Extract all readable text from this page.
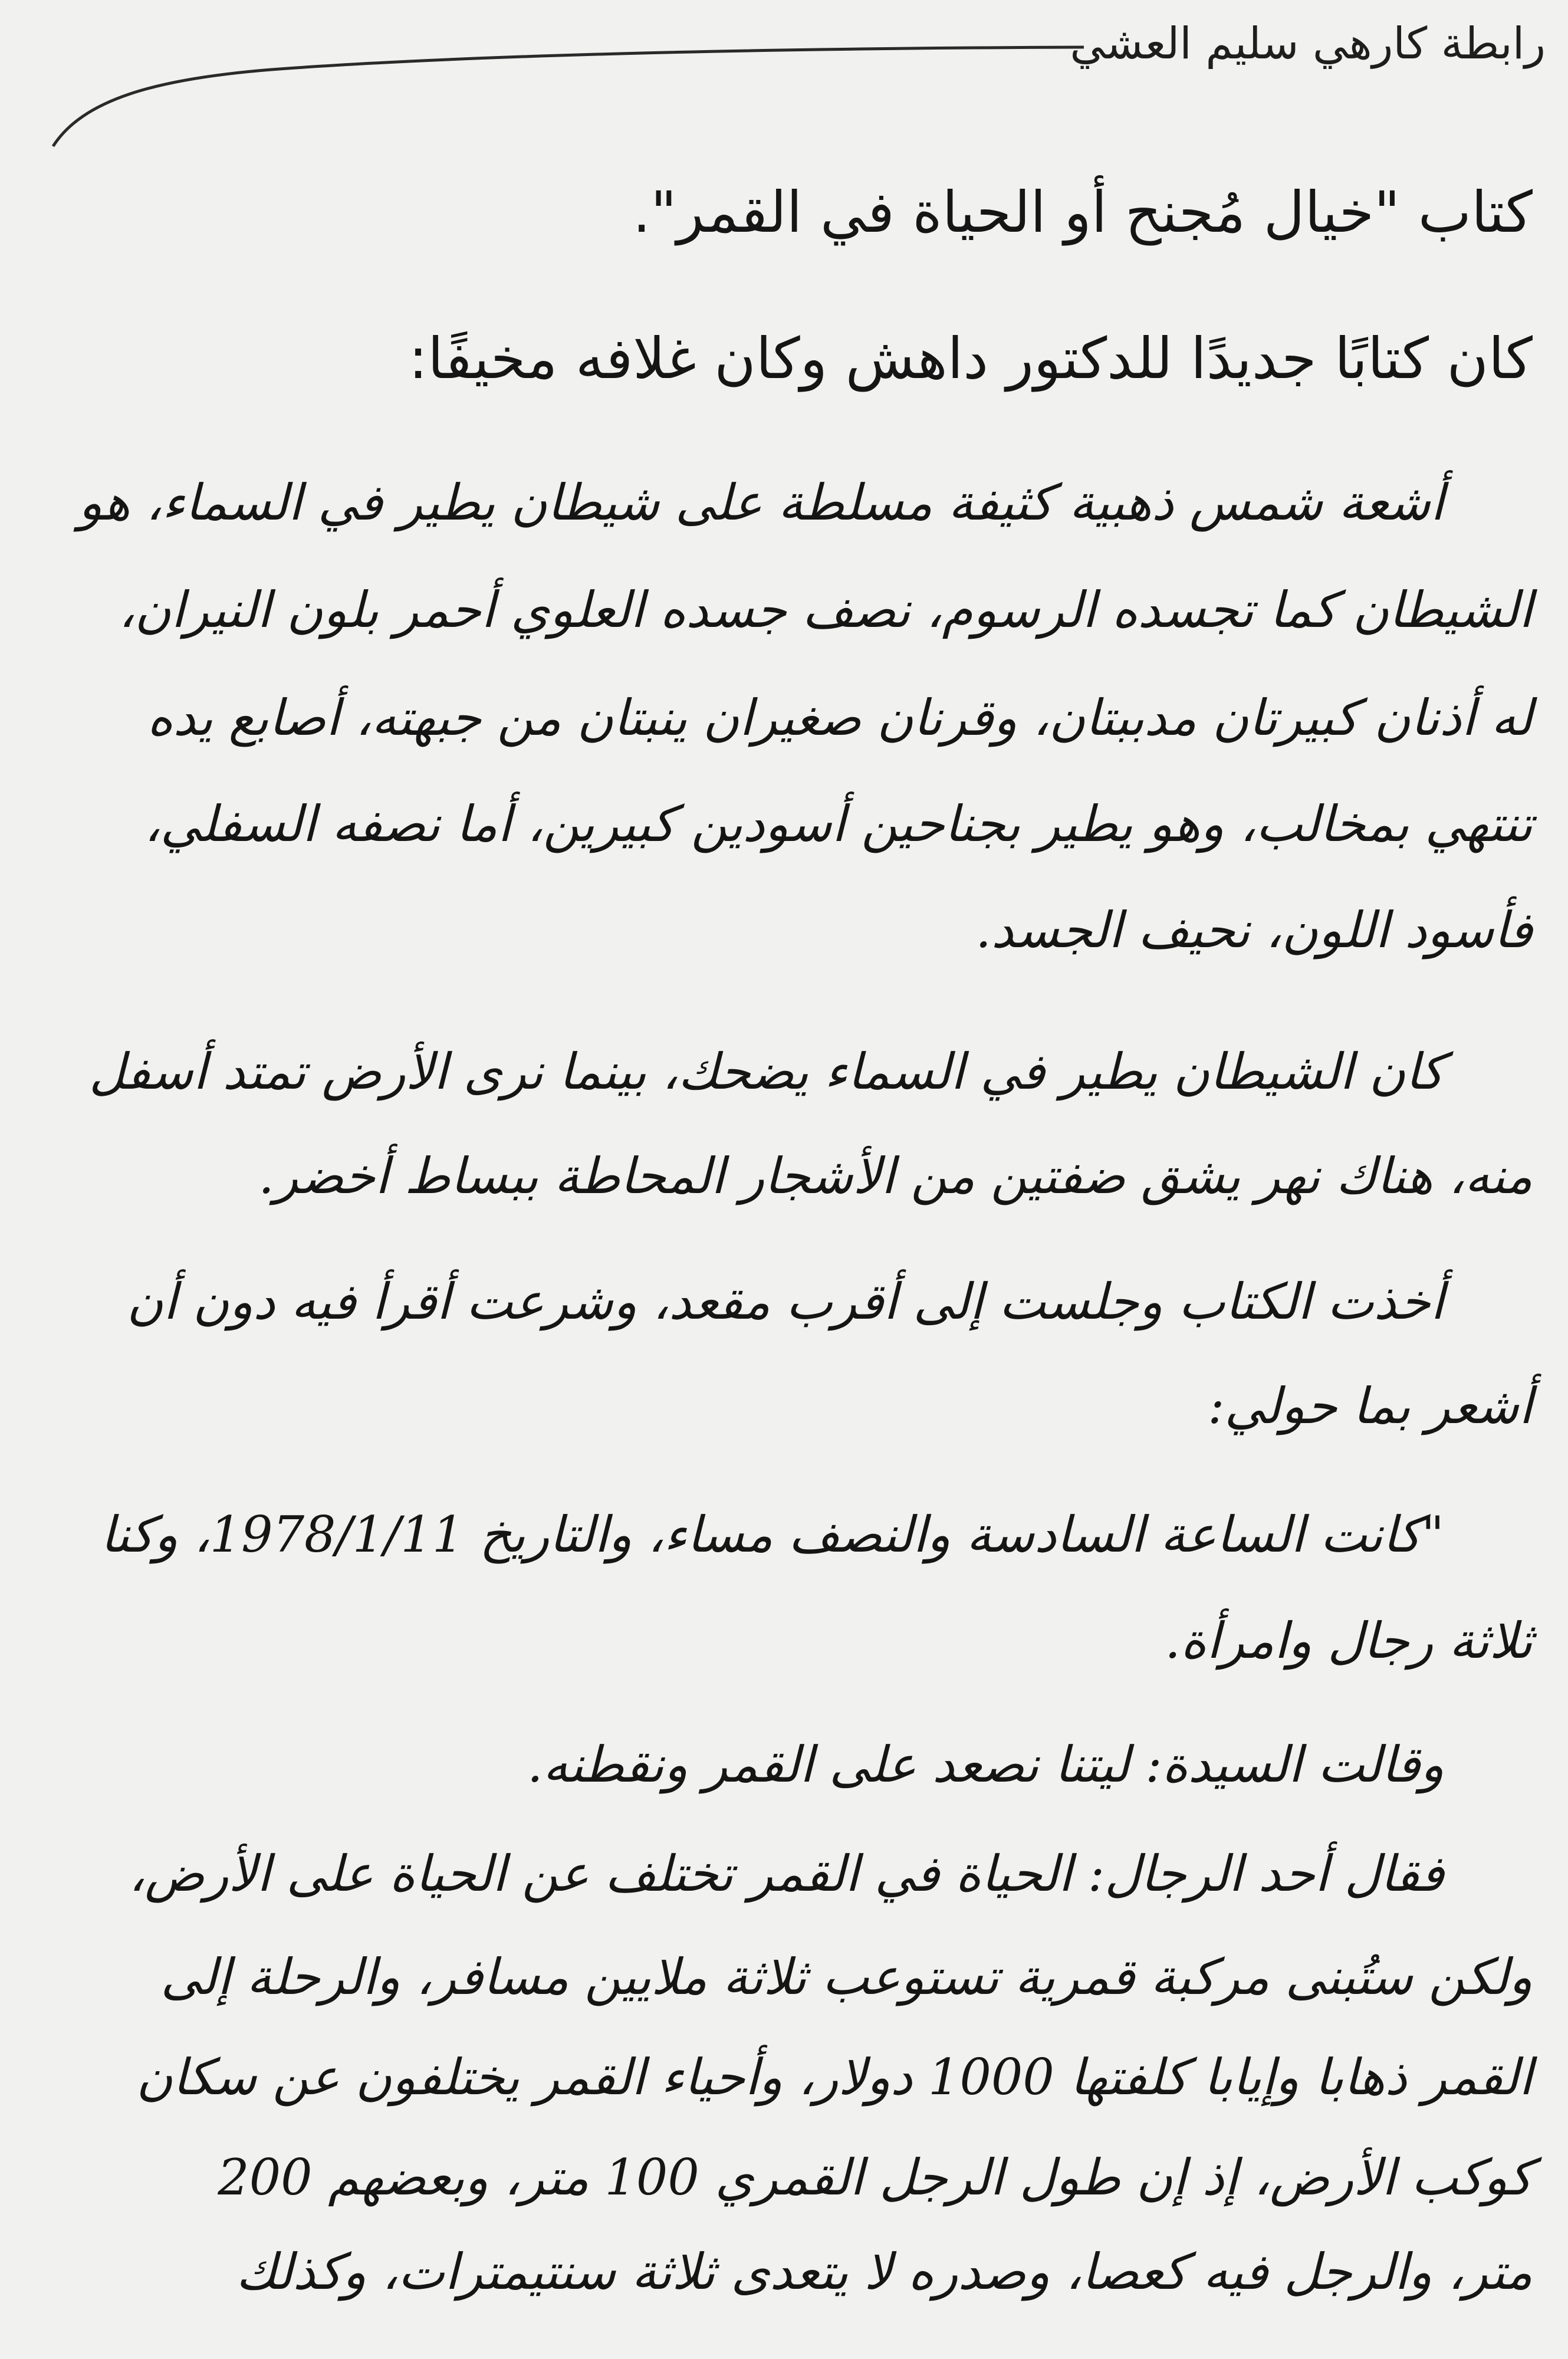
رابطة كارهي سليم العشي
كتاب "خيال مُجنح أو الحياة في القمر".
كان كتابًا جديدًا للدكتور داهش وكان غلافه مخيفًا:
أشعة شمس ذهبية كثيفة مسلطة على شيطان يطير في السماء، هو
الشيطان كما تجسده الرسوم، نصف جسده العلوي أحمر بلون النيران،
له أذنان كبيرتان مدببتان، وقرنان صغيران ينبتان من جبهته، أصابع يده
تنتهي بمخالب، وهو يطير بجناحين أسودين كبيرين، أما نصفه السفلي،
فأسود اللون، نحيف الجسد.
كان الشيطان يطير في السماء يضحك، بينما نرى الأرض تمتد أسفل
منه، هناك نهر يشق ضفتين من الأشجار المحاطة ببساط أخضر.
أخذت الكتاب وجلست إلى أقرب مقعد، وشرعت أقرأ فيه دون أن
أشعر بما حولي:
"كانت الساعة السادسة والنصف مساء، والتاريخ 1978/1/11، وكنا
ثلاثة رجال وامرأة.
وقالت السيدة: ليتنا نصعد على القمر ونقطنه.
فقال أحد الرجال: الحياة في القمر تختلف عن الحياة على الأرض،
ولكن ستُبنى مركبة قمرية تستوعب ثلاثة ملايين مسافر، والرحلة إلى
القمر ذهابا وإيابا كلفتها 1000 دولار، وأحياء القمر يختلفون عن سكان
كوكب الأرض، إذ إن طول الرجل القمري 100 متر، وبعضهم 200
متر، والرجل فيه كعصا، وصدره لا يتعدى ثلاثة سنتيمترات، وكذلك
